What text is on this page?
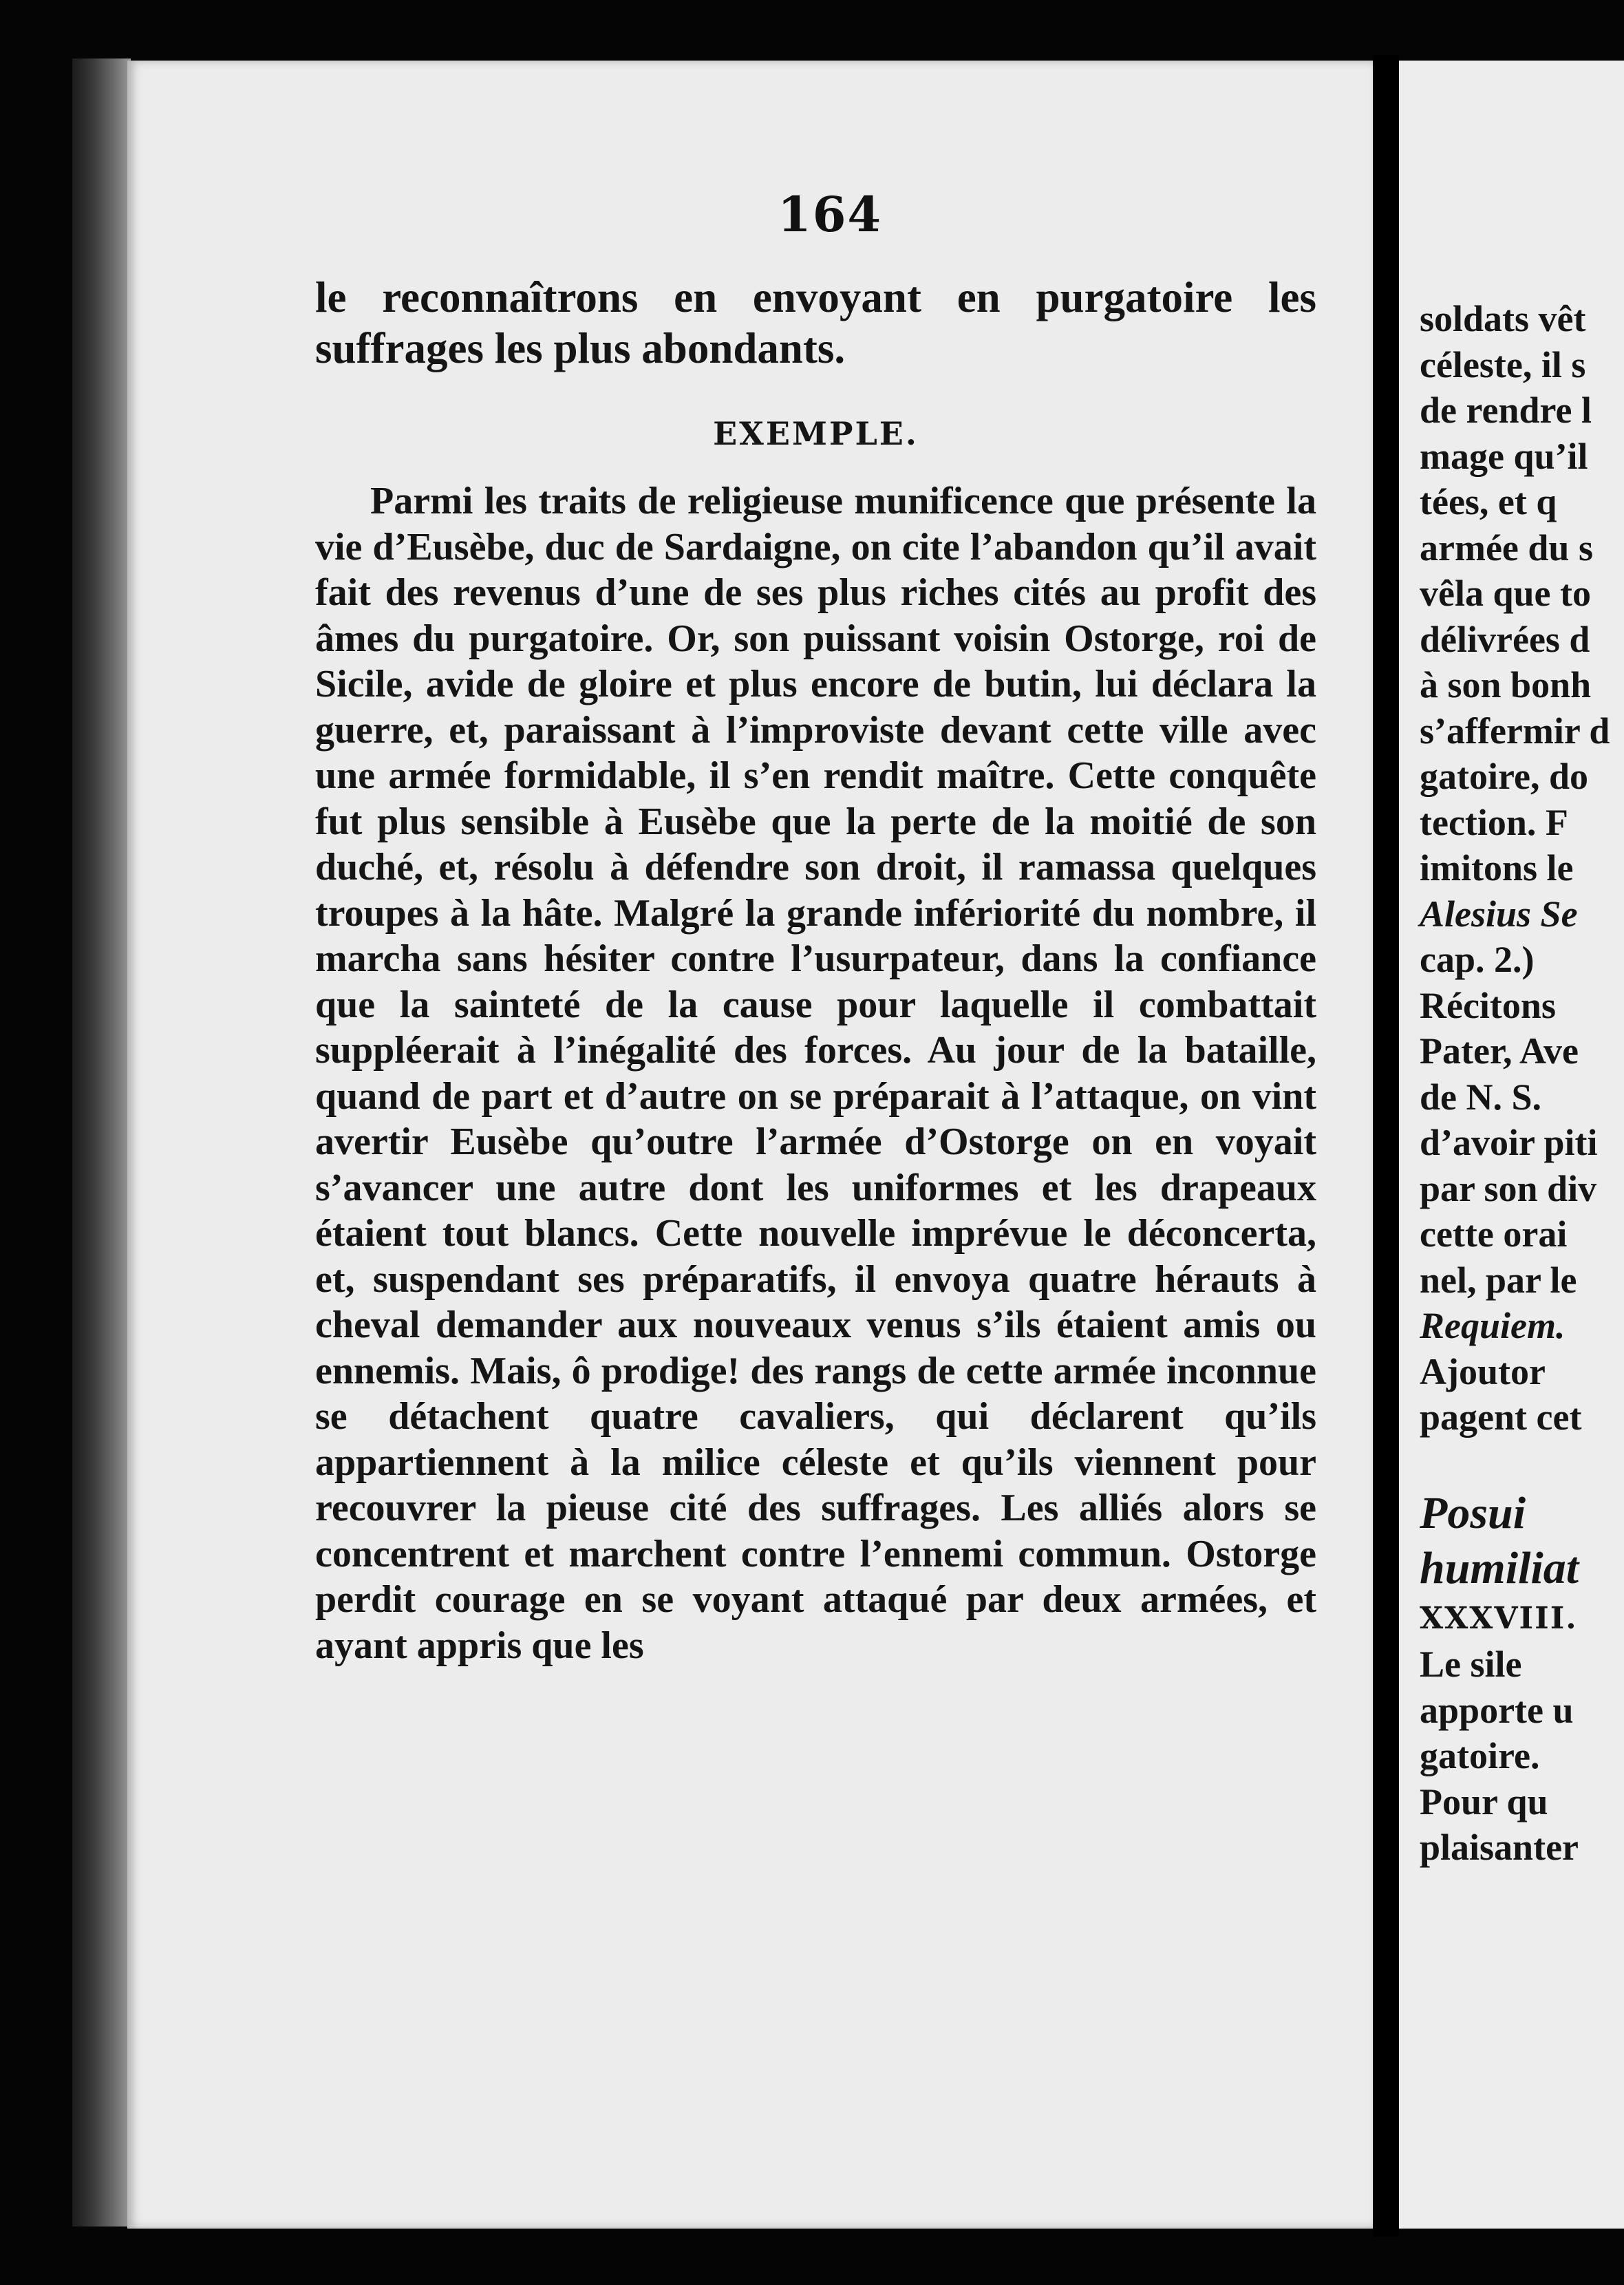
164
le reconnaîtrons en envoyant en purgatoire les suffrages les plus abondants.
EXEMPLE.

Parmi les traits de religieuse munificence que présente la vie d’Eusèbe, duc de Sardaigne, on cite l’abandon qu’il avait fait des revenus d’une de ses plus riches cités au profit des âmes du purgatoire. Or, son puissant voisin Ostorge, roi de Sicile, avide de gloire et plus encore de butin, lui déclara la guerre, et, paraissant à l’improviste devant cette ville avec une armée formidable, il s’en rendit maître. Cette conquête fut plus sensible à Eusèbe que la perte de la moitié de son duché, et, résolu à défendre son droit, il ramassa quelques troupes à la hâte. Malgré la grande infériorité du nombre, il marcha sans hésiter contre l’usurpateur, dans la confiance que la sainteté de la cause pour laquelle il combattait suppléerait à l’inégalité des forces. Au jour de la bataille, quand de part et d’autre on se préparait à l’attaque, on vint avertir Eusèbe qu’outre l’armée d’Ostorge on en voyait s’avancer une autre dont les uniformes et les drapeaux étaient tout blancs. Cette nouvelle imprévue le déconcerta, et, suspendant ses préparatifs, il envoya quatre hérauts à cheval demander aux nouveaux venus s’ils étaient amis ou ennemis. Mais, ô prodige! des rangs de cette armée inconnue se détachent quatre cavaliers, qui déclarent qu’ils appartiennent à la milice céleste et qu’ils viennent pour recouvrer la pieuse cité des suffrages. Les alliés alors se concentrent et marchent contre l’ennemi commun. Ostorge perdit courage en se voyant attaqué par deux armées, et ayant appris que les

soldats vêt
céleste, il s
de rendre l
mage qu’il
tées, et q
armée du s
vêla que to
délivrées d
à son bonh
s’affermir d
gatoire, do
tection. F
imitons le
Alesius Se
cap. 2.)
Récitons
Pater, Ave
de N. S.
d’avoir piti
par son div
cette orai
nel, par le
Requiem.
Ajoutor
pagent cet
Posui
humiliat
XXXVIII.
Le sile
apporte u
gatoire.
Pour qu
plaisanter
